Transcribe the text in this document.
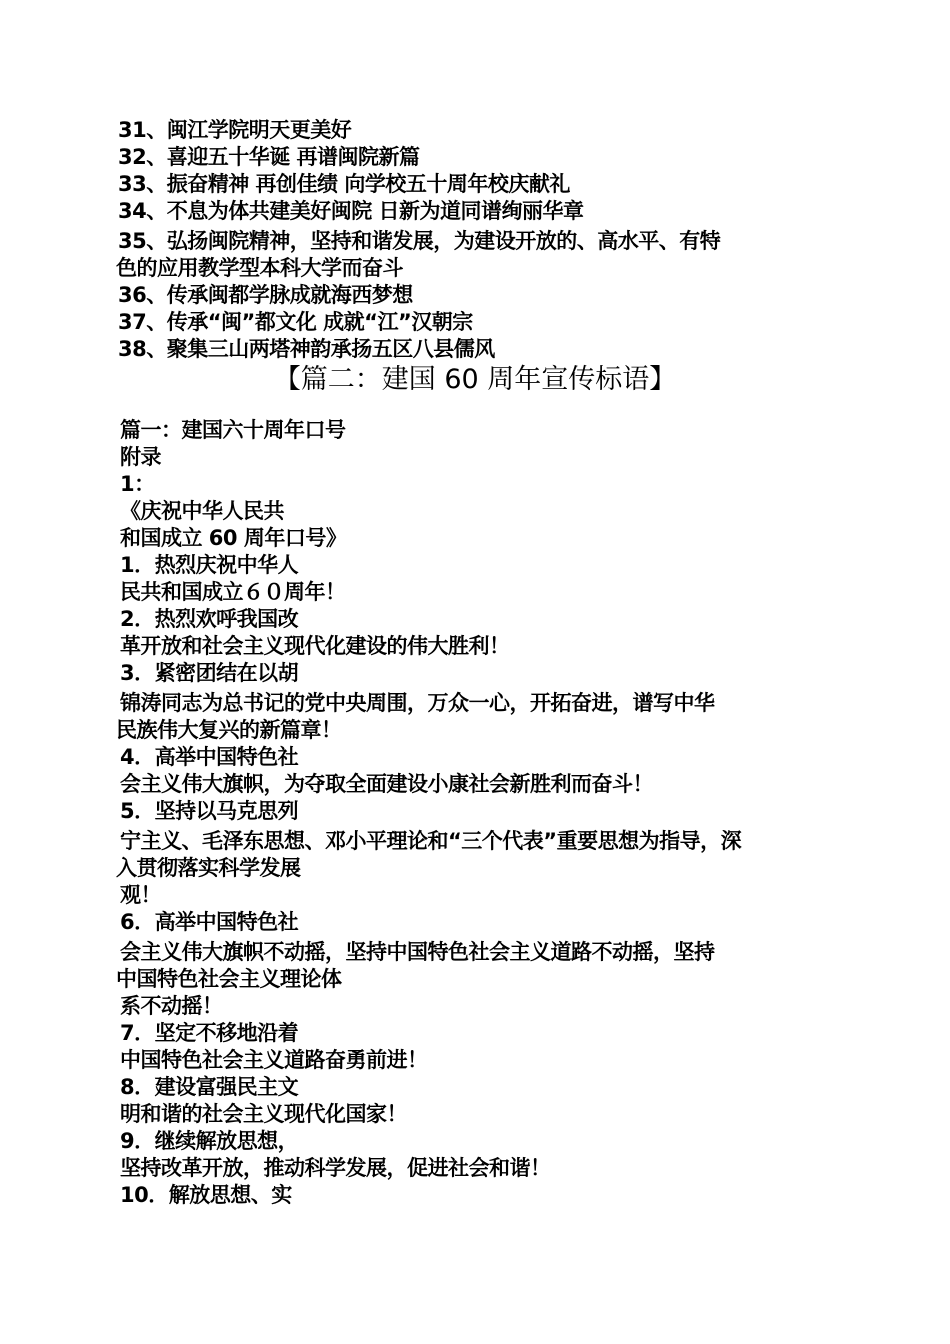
31、闽江学院明天更美好
32、喜迎五十华诞 再谱闽院新篇
33、振奋精神 再创佳绩 向学校五十周年校庆献礼
34、不息为体共建美好闽院 日新为道同谱绚丽华章
35、弘扬闽院精神，坚持和谐发展，为建设开放的、高水平、有特
色的应用教学型本科大学而奋斗
36、传承闽都学脉成就海西梦想
37、传承“闽”都文化 成就“江”汉朝宗
38、聚集三山两塔神韵承扬五区八县儒风
【篇二：建国 60 周年宣传标语】
篇一：建国六十周年口号
附录
1：
《庆祝中华人民共
和国成立 60 周年口号》
1．热烈庆祝中华人
民共和国成立６０周年！
2．热烈欢呼我国改
革开放和社会主义现代化建设的伟大胜利！
3．紧密团结在以胡
锦涛同志为总书记的党中央周围，万众一心，开拓奋进，谱写中华
民族伟大复兴的新篇章！
4．高举中国特色社
会主义伟大旗帜，为夺取全面建设小康社会新胜利而奋斗！
5．坚持以马克思列
宁主义、毛泽东思想、邓小平理论和“三个代表”重要思想为指导，深
入贯彻落实科学发展
观！
6．高举中国特色社
会主义伟大旗帜不动摇，坚持中国特色社会主义道路不动摇，坚持
中国特色社会主义理论体
系不动摇！
7．坚定不移地沿着
中国特色社会主义道路奋勇前进！
8．建设富强民主文
明和谐的社会主义现代化国家！
9．继续解放思想，
坚持改革开放，推动科学发展，促进社会和谐！
10．解放思想、实
